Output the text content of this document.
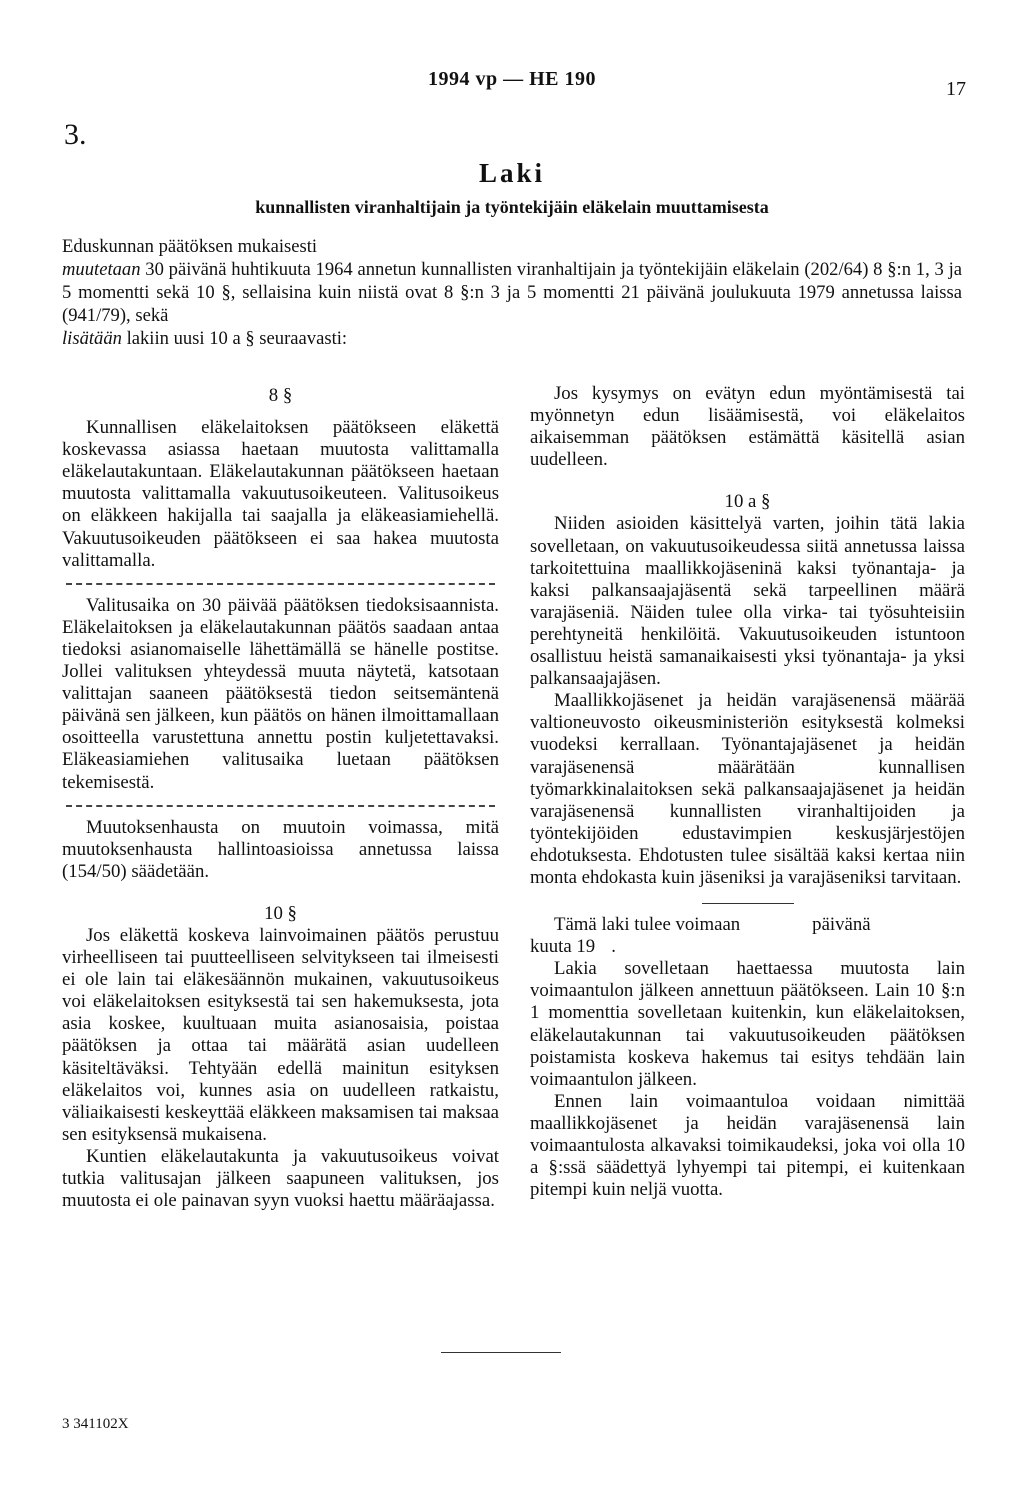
1994 vp — HE 190	17
3.
Laki
kunnallisten viranhaltijain ja työntekijäin eläkelain muuttamisesta

Eduskunnan päätöksen mukaisesti

muutetaan 30 päivänä huhtikuuta 1964 annetun kunnallisten viranhaltijain ja työntekijäin eläkelain (202/64) 8 §:n 1, 3 ja 5 momentti sekä 10 §, sellaisina kuin niistä ovat 8 §:n 3 ja 5 momentti 21 päivänä joulukuuta 1979 annetussa laissa (941/79), sekä

lisätään lakiin uusi 10 a § seuraavasti:

8 §

Kunnallisen eläkelaitoksen päätökseen eläkettä koskevassa asiassa haetaan muutosta valittamalla eläkelautakuntaan. Eläkelautakunnan päätökseen haetaan muutosta valittamalla vakuutusoikeuteen. Valitusoikeus on eläkkeen hakijalla tai saajalla ja eläkeasiamiehellä. Vakuutusoikeuden päätökseen ei saa hakea muutosta valittamalla.

Valitusaika on 30 päivää päätöksen tiedoksisaannista. Eläkelaitoksen ja eläkelautakunnan päätös saadaan antaa tiedoksi asianomaiselle lähettämällä se hänelle postitse. Jollei valituksen yhteydessä muuta näytetä, katsotaan valittajan saaneen päätöksestä tiedon seitsemäntenä päivänä sen jälkeen, kun päätös on hänen ilmoittamallaan osoitteella varustettuna annettu postin kuljetettavaksi. Eläkeasiamiehen valitusaika luetaan päätöksen tekemisestä.

Muutoksenhausta on muutoin voimassa, mitä muutoksenhausta hallintoasioissa annetussa laissa (154/50) säädetään.

10 §

Jos eläkettä koskeva lainvoimainen päätös perustuu virheelliseen tai puutteelliseen selvitykseen tai ilmeisesti ei ole lain tai eläkesäännön mukainen, vakuutusoikeus voi eläkelaitoksen esityksestä tai sen hakemuksesta, jota asia koskee, kuultuaan muita asianosaisia, poistaa päätöksen ja ottaa tai määrätä asian uudelleen käsiteltäväksi. Tehtyään edellä mainitun esityksen eläkelaitos voi, kunnes asia on uudelleen ratkaistu, väliaikaisesti keskeyttää eläkkeen maksamisen tai maksaa sen esityksensä mukaisena.

Kuntien eläkelautakunta ja vakuutusoikeus voivat tutkia valitusajan jälkeen saapuneen valituksen, jos muutosta ei ole painavan syyn vuoksi haettu määräajassa.

Jos kysymys on evätyn edun myöntämisestä tai myönnetyn edun lisäämisestä, voi eläkelaitos aikaisemman päätöksen estämättä käsitellä asian uudelleen.

10 a §

Niiden asioiden käsittelyä varten, joihin tätä lakia sovelletaan, on vakuutusoikeudessa siitä annetussa laissa tarkoitettuina maallikkojäseninä kaksi työnantaja- ja kaksi palkansaajajäsentä sekä tarpeellinen määrä varajäseniä. Näiden tulee olla virka- tai työsuhteisiin perehtyneitä henkilöitä. Vakuutusoikeuden istuntoon osallistuu heistä samanaikaisesti yksi työnantaja- ja yksi palkansaajajäsen.

Maallikkojäsenet ja heidän varajäsenensä määrää valtioneuvosto oikeusministeriön esityksestä kolmeksi vuodeksi kerrallaan. Työnantajajäsenet ja heidän varajäsenensä määrätään kunnallisen työmarkkinalaitoksen sekä palkansaajajäsenet ja heidän varajäsenensä kunnallisten viranhaltijoiden ja työntekijöiden edustavimpien keskusjärjestöjen ehdotuksesta. Ehdotusten tulee sisältää kaksi kertaa niin monta ehdokasta kuin jäseniksi ja varajäseniksi tarvitaan.

Tämä laki tulee voimaan	päivänä

kuuta 19 .

Lakia sovelletaan haettaessa muutosta lain voimaantulon jälkeen annettuun päätökseen. Lain 10 §:n 1 momenttia sovelletaan kuitenkin, kun eläkelaitoksen, eläkelautakunnan tai vakuutusoikeuden päätöksen poistamista koskeva hakemus tai esitys tehdään lain voimaantulon jälkeen.

Ennen lain voimaantuloa voidaan nimittää maallikkojäsenet ja heidän varajäsenensä lain voimaantulosta alkavaksi toimikaudeksi, joka voi olla 10 a §:ssä säädettyä lyhyempi tai pitempi, ei kuitenkaan pitempi kuin neljä vuotta.

3 341102X
